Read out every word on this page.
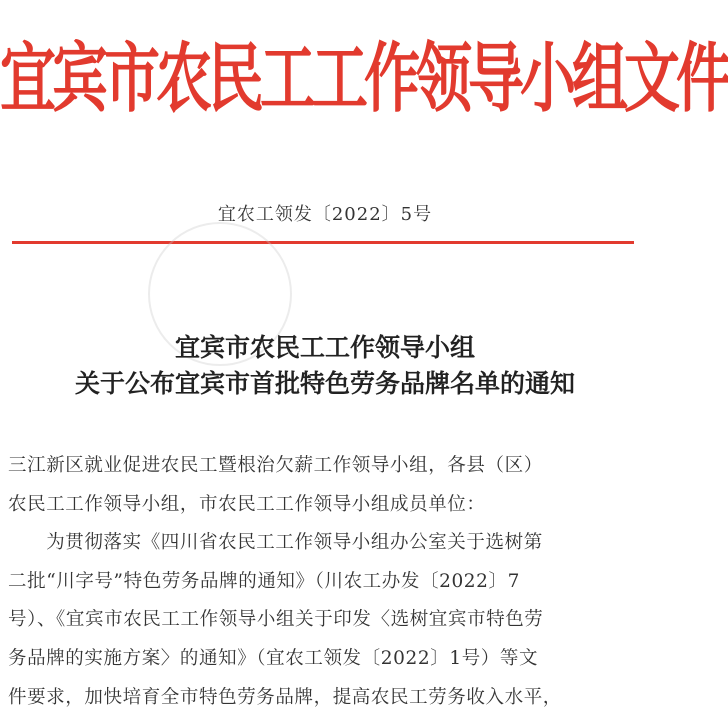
宜宾市农民工工作领导小组文件
宜农工领发〔2022〕5号
宜宾市农民工工作领导小组
关于公布宜宾市首批特色劳务品牌名单的通知
三江新区就业促进农民工暨根治欠薪工作领导小组，各县（区）
农民工工作领导小组，市农民工工作领导小组成员单位：
　　为贯彻落实《四川省农民工工作领导小组办公室关于选树第
二批“川字号”特色劳务品牌的通知》（川农工办发〔2022〕7
号）、《宜宾市农民工工作领导小组关于印发〈选树宜宾市特色劳
务品牌的实施方案〉的通知》（宜农工领发〔2022〕1号）等文
件要求，加快培育全市特色劳务品牌，提高农民工劳务收入水平，
